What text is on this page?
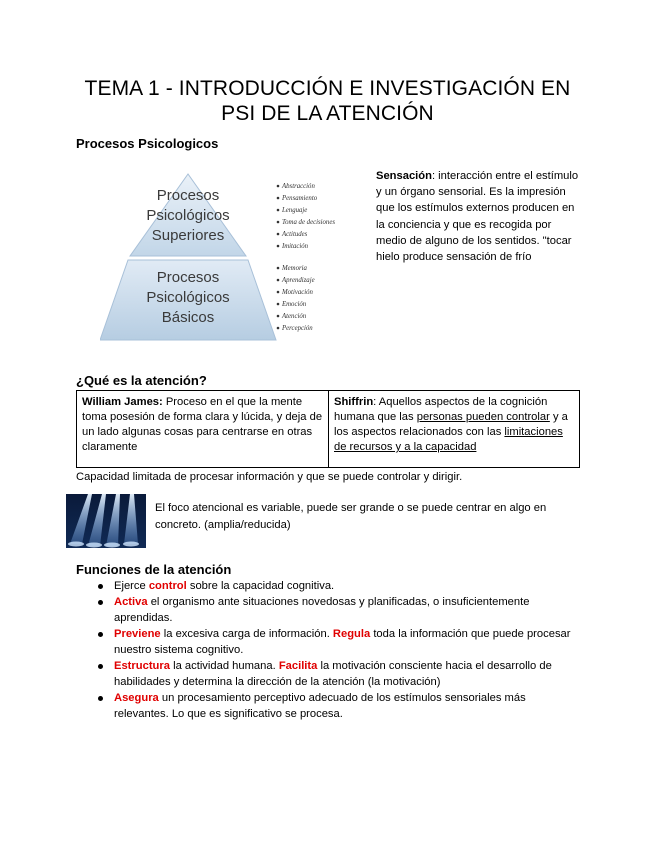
TEMA 1 - INTRODUCCIÓN E INVESTIGACIÓN EN
PSI DE LA ATENCIÓN
Procesos Psicologicos
Procesos
Psicológicos
Superiores
Procesos
Psicológicos
Básicos
Abstracción
Pensamiento
Lenguaje
Toma de decisiones
Actitudes
Imitación
Memoria
Aprendizaje
Motivación
Emoción
Atención
Percepción
Sensación: interacción entre el estímulo y un órgano sensorial. Es la impresión que los estímulos externos producen en la conciencia y que es recogida por medio de alguno de los sentidos. "tocar hielo produce sensación de frío
¿Qué es la atención?
William James: Proceso en el que la mente toma posesión de forma clara y lúcida, y deja de un lado algunas cosas para centrarse en otras claramente
Shiffrin: Aquellos aspectos de la cognición humana que las personas pueden controlar y a los aspectos relacionados con las limitaciones de recursos y a la capacidad
Capacidad limitada de procesar información y que se puede controlar y dirigir.
El foco atencional es variable, puede ser grande o se puede centrar en algo en concreto. (amplia/reducida)
Funciones de la atención
Ejerce control sobre la capacidad cognitiva.
Activa el organismo ante situaciones novedosas y planificadas, o insuficientemente aprendidas.
Previene la excesiva carga de información. Regula toda la información que puede procesar nuestro sistema cognitivo.
Estructura la actividad humana. Facilita la motivación consciente hacia el desarrollo de habilidades y determina la dirección de la atención (la motivación)
Asegura un procesamiento perceptivo adecuado de los estímulos sensoriales más relevantes. Lo que es significativo se procesa.
